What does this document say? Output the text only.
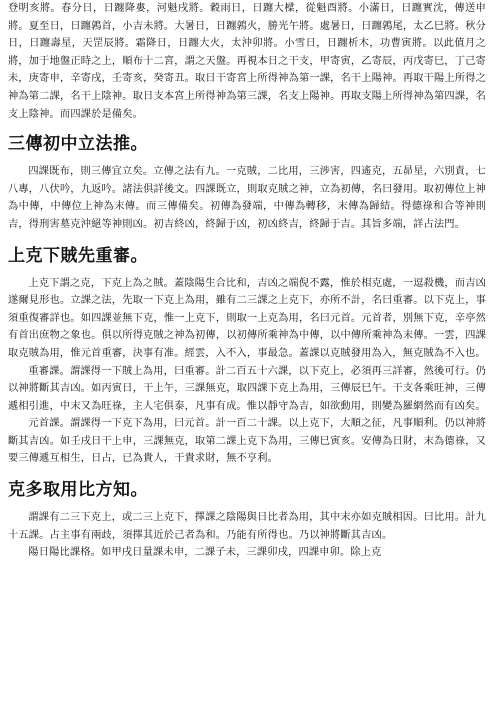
登明亥將。春分日，日躔降婁，河魁戌將。穀雨日，日躔大樑，從魁酉將。小滿日，日躔實沈，傳送申將。夏至日，日躔鶉首，小吉未將。大暑日，日躔鶉火，勝光午將。處暑日，日躔鶉尾，太乙巳將。秋分日，日躔壽星，天罡辰將。霜降日，日躔大火，太沖卯將。小雪日，日躔析木，功曹寅將。以此值月之將，加于地盤正時之上，順布十二宮，謂之天盤。再視本日之干支，甲寄寅，乙寄辰，丙戊寄巳，丁己寄未，庚寄申，辛寄戌，壬寄亥，癸寄丑。取日干寄宮上所得神為第一課，名干上陽神。再取干陽上所得之神為第二課，名干上陰神。取日支本宮上所得神為第三課，名支上陽神。再取支陽上所得神為第四課，名支上陰神。而四課於是備矣。

三傳初中立法推。

四課既布，則三傳宜立矣。立傳之法有九。一克賊，二比用，三涉害，四遙克，五昴星，六別責，七八專，八伏吟，九返吟。諸法俱詳後文。四課既立，則取克賊之神，立為初傳，名曰發用。取初傳位上神為中傳，中傳位上神為末傳。而三傳備矣。初傳為發端，中傳為轉移，末傳為歸結。得德祿和合等神則吉，得刑害墓克沖絕等神則凶。初吉終凶，終歸于凶，初凶終吉，終歸于吉。其旨多端，詳占法門。

上克下賊先重審。

上克下謂之克，下克上為之賊。蓋陰陽生合比和，吉凶之端倪不露，惟於相克處，一逗殺機，而吉凶遂爾見形也。立課之法，先取一下克上為用，雖有二三課之上克下，亦所不計，名曰重審。以下克上，事須重復審詳也。如四課並無下克，惟一上克下，則取一上克為用，名曰元首。元首者，別無下克，辛亭然有首出庶物之象也。俱以所得克賊之神為初傳，以初傳所乘神為中傳，以中傳所乘神為末傳。一雲，四課取克賊為用，惟元首重審，決事有准。經雲，入不入，事最急。蓋課以克賊發用為入，無克賊為不入也。

重審課。謂課得一下賊上為用，曰重審。計二百五十六課，以下克上，必須再三詳審，然後可行。仍以神將斷其吉凶。如丙寅日，干上午，三課無克，取四課下克上為用，三傳辰巳午。干支各乘旺神，三傳遞相引進，中末又為旺祿，主人宅俱泰，凡事有成。惟以靜守為吉，如欲動用，則變為羅網然而有凶矣。

元首課。謂課得一下克下為用，曰元首。計一百二十課。以上克下，大順之征，凡事順利。仍以神將斷其吉凶。如壬戌日干上申，三課無克，取第二課上克下為用，三傳巳寅亥。安傳為日財，末為德祿，又要三傳遞互相生，日占，已為貴人，干貴求財，無不亨利。

克多取用比方知。

謂課有二三下克上，或二三上克下，擇課之陰陽與日比者為用，其中末亦如克賊相因。曰比用。計九十五課。占主事有兩歧，須擇其近於己者為和。乃能有所得也。乃以神將斷其吉凶。

陽日陽比課格。如甲戌日量課未申，二課子未，三課卯戌，四課申卯。除上克
